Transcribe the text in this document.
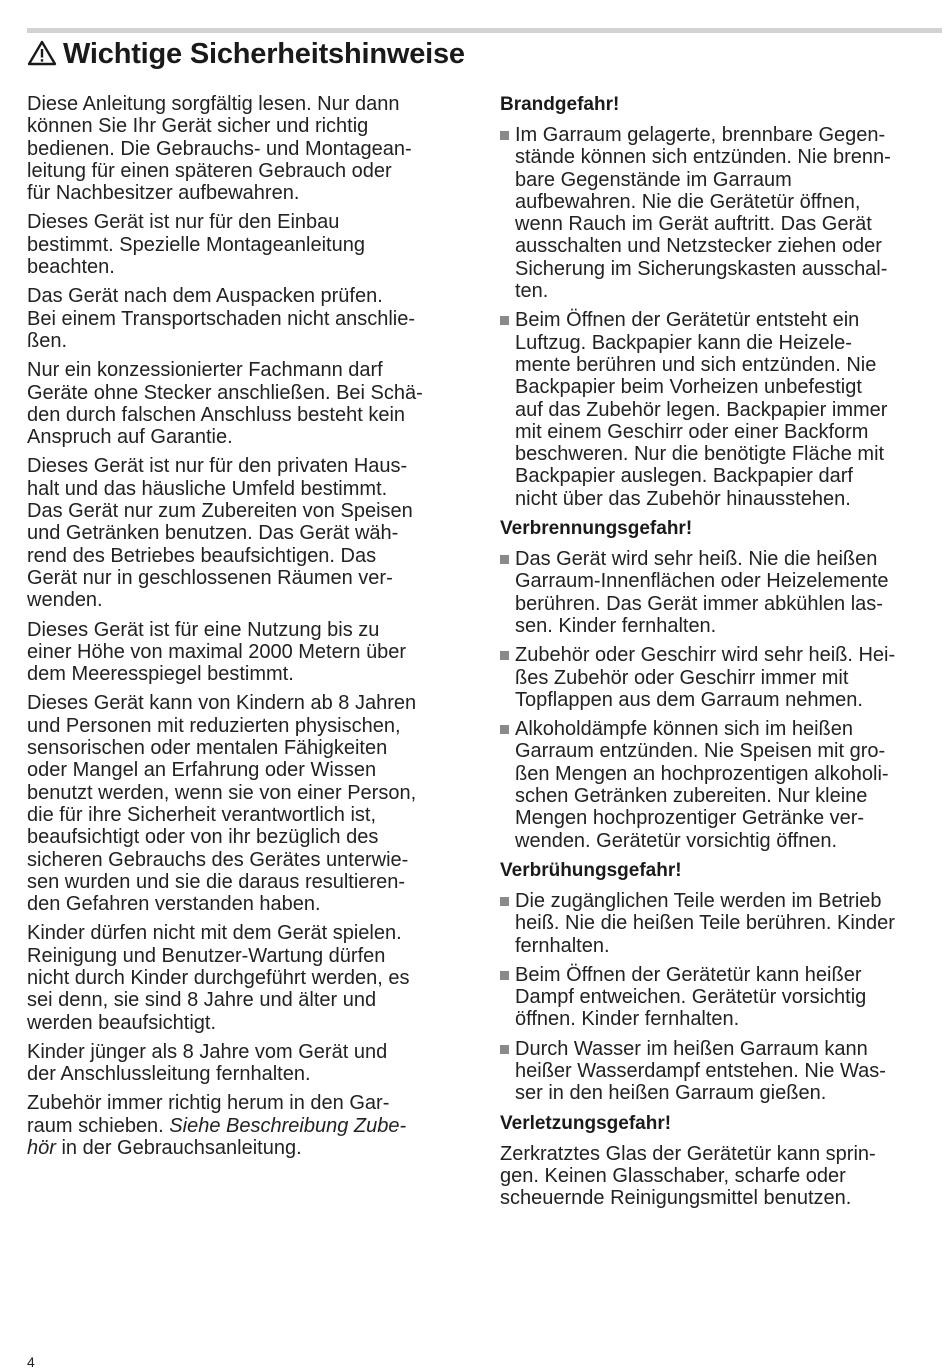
Wichtige Sicherheitshinweise

Diese Anleitung sorgfältig lesen. Nur dann
können Sie Ihr Gerät sicher und richtig
bedienen. Die Gebrauchs- und Montagean-
leitung für einen späteren Gebrauch oder
für Nachbesitzer aufbewahren.

Dieses Gerät ist nur für den Einbau
bestimmt. Spezielle Montageanleitung
beachten.

Das Gerät nach dem Auspacken prüfen.
Bei einem Transportschaden nicht anschlie-
ßen.

Nur ein konzessionierter Fachmann darf
Geräte ohne Stecker anschließen. Bei Schä-
den durch falschen Anschluss besteht kein
Anspruch auf Garantie.

Dieses Gerät ist nur für den privaten Haus-
halt und das häusliche Umfeld bestimmt.
Das Gerät nur zum Zubereiten von Speisen
und Getränken benutzen. Das Gerät wäh-
rend des Betriebes beaufsichtigen. Das
Gerät nur in geschlossenen Räumen ver-
wenden.

Dieses Gerät ist für eine Nutzung bis zu
einer Höhe von maximal 2000 Metern über
dem Meeresspiegel bestimmt.

Dieses Gerät kann von Kindern ab 8 Jahren
und Personen mit reduzierten physischen,
sensorischen oder mentalen Fähigkeiten
oder Mangel an Erfahrung oder Wissen
benutzt werden, wenn sie von einer Person,
die für ihre Sicherheit verantwortlich ist,
beaufsichtigt oder von ihr bezüglich des
sicheren Gebrauchs des Gerätes unterwie-
sen wurden und sie die daraus resultieren-
den Gefahren verstanden haben.

Kinder dürfen nicht mit dem Gerät spielen.
Reinigung und Benutzer-Wartung dürfen
nicht durch Kinder durchgeführt werden, es
sei denn, sie sind 8 Jahre und älter und
werden beaufsichtigt.

Kinder jünger als 8 Jahre vom Gerät und
der Anschlussleitung fernhalten.

Zubehör immer richtig herum in den Gar-
raum schieben. Siehe Beschreibung Zube-
hör in der Gebrauchsanleitung.

Brandgefahr!
Im Garraum gelagerte, brennbare Gegen-
stände können sich entzünden. Nie brenn-
bare Gegenstände im Garraum
aufbewahren. Nie die Gerätetür öffnen,
wenn Rauch im Gerät auftritt. Das Gerät
ausschalten und Netzstecker ziehen oder
Sicherung im Sicherungskasten ausschal-
ten.
Beim Öffnen der Gerätetür entsteht ein
Luftzug. Backpapier kann die Heizele-
mente berühren und sich entzünden. Nie
Backpapier beim Vorheizen unbefestigt
auf das Zubehör legen. Backpapier immer
mit einem Geschirr oder einer Backform
beschweren. Nur die benötigte Fläche mit
Backpapier auslegen. Backpapier darf
nicht über das Zubehör hinausstehen.
Verbrennungsgefahr!
Das Gerät wird sehr heiß. Nie die heißen
Garraum-Innenflächen oder Heizelemente
berühren. Das Gerät immer abkühlen las-
sen. Kinder fernhalten.
Zubehör oder Geschirr wird sehr heiß. Hei-
ßes Zubehör oder Geschirr immer mit
Topflappen aus dem Garraum nehmen.
Alkoholdämpfe können sich im heißen
Garraum entzünden. Nie Speisen mit gro-
ßen Mengen an hochprozentigen alkoholi-
schen Getränken zubereiten. Nur kleine
Mengen hochprozentiger Getränke ver-
wenden. Gerätetür vorsichtig öffnen.
Verbrühungsgefahr!
Die zugänglichen Teile werden im Betrieb
heiß. Nie die heißen Teile berühren. Kinder
fernhalten.
Beim Öffnen der Gerätetür kann heißer
Dampf entweichen. Gerätetür vorsichtig
öffnen. Kinder fernhalten.
Durch Wasser im heißen Garraum kann
heißer Wasserdampf entstehen. Nie Was-
ser in den heißen Garraum gießen.
Verletzungsgefahr!

Zerkratztes Glas der Gerätetür kann sprin-
gen. Keinen Glasschaber, scharfe oder
scheuernde Reinigungsmittel benutzen.

4
